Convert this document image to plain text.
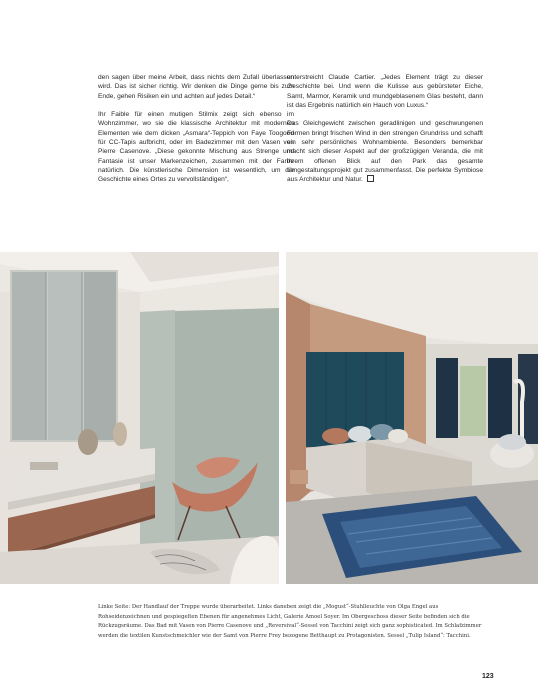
den sagen über meine Arbeit, dass nichts dem Zufall überlassen wird. Das ist sicher richtig. Wir denken die Dinge gerne bis zum Ende, gehen Risiken ein und achten auf jedes Detail.“

Ihr Faible für einen mutigen Stilmix zeigt sich ebenso im Wohnzimmer, wo sie die klassische Architektur mit modernen Elementen wie dem dicken „Asmara“-Teppich von Faye Toogood für CC-Tapis aufbricht, oder im Badezimmer mit den Vasen von Pierre Casenove. „Diese gekonnte Mischung aus Strenge und Fantasie ist unser Markenzeichen, zusammen mit der Farbe natürlich. Die künstlerische Dimension ist wesentlich, um die Geschichte eines Ortes zu vervollständigen“,

unterstreicht Claude Cartier. „Jedes Element trägt zu dieser Geschichte bei. Und wenn die Kulisse aus gebürsteter Eiche, Samt, Marmor, Keramik und mundgeblasenem Glas besteht, dann ist das Ergebnis natürlich ein Hauch von Luxus.“

Das Gleichgewicht zwischen geradlinigen und geschwungenen Formen bringt frischen Wind in den strengen Grundriss und schafft ein sehr persönliches Wohnambiente. Besonders bemerkbar macht sich dieser Aspekt auf der großzügigen Veranda, die mit ihrem offenen Blick auf den Park das gesamte Umgestaltungsprojekt gut zusammenfasst. Die perfekte Symbiose aus Architektur und Natur.

Linke Seite: Der Handlauf der Treppe wurde überarbeitet. Links daneben zeigt die „Mogust“-Stuhlleuchte von Olga Engel aus Rohseidenzeichnen und gespiegelten Ebenen für angenehmes Licht, Galerie Amoel Soyer. Im Obergeschoss dieser Seite befinden sich die Rückzugsräume. Das Bad mit Vasen von Pierre Casenove und „Reversival“-Sessel von Tacchini zeigt sich ganz sophisticated. Im Schlafzimmer werden die textilen Kunstschmeichler wie der Samt von Pierre Frey bezogene Betthaupt zu Protagonisten. Sessel „Tulip Island“: Tacchini.
123
